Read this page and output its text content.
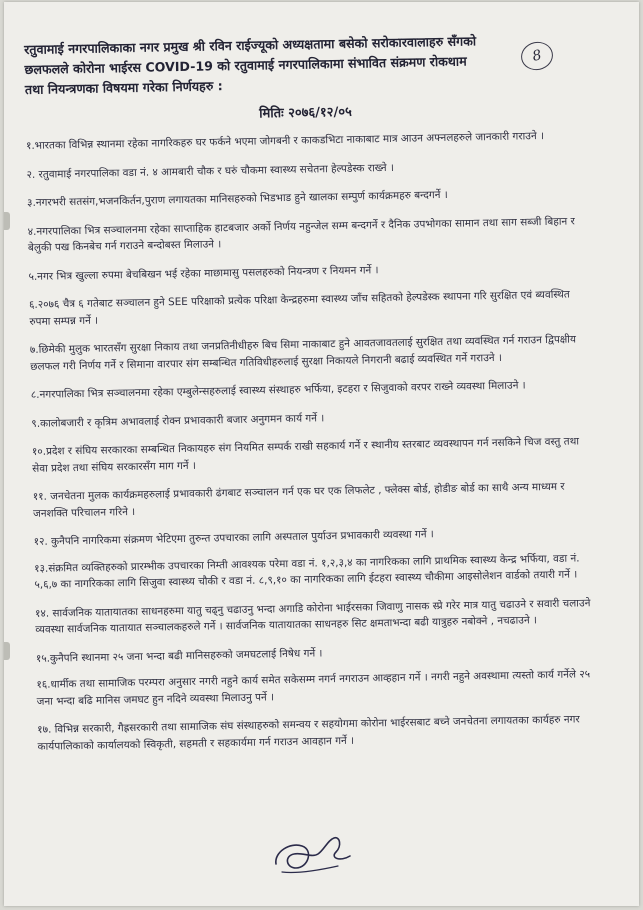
8
रतुवामाई नगरपालिकाका नगर प्रमुख श्री रविन राईज्यूको अध्यक्षतामा बसेको सरोकारवालाहरु सँगको
छलफलले कोरोना भाईरस COVID-19 को रतुवामाई नगरपालिकामा संभावित संक्रमण रोकथाम
तथा नियन्त्रणका विषयमा गरेका निर्णयहरु :
मितिः २०७६/१२/०५
१.भारतका विभिन्न स्थानमा रहेका नागरिकहरु घर फर्कने भएमा जोगबनी र काकडभिटा नाकाबाट मात्र आउन अफ्नलहरुले जानकारी गराउने ।
२. रतुवामाई नगरपालिका वडा नं. ४ आमबारी चौक र घरुं चौकमा स्वास्थ्य सचेतना हेल्पडेस्क राख्ने ।
३.नगरभरी सतसंग,भजनकिर्तन,पुराण लगायतका मानिसहरुको भिडभाड हुने खालका सम्पुर्ण कार्यक्रमहरु बन्दगर्ने ।
४.नगरपालिका भित्र सञ्चालनमा रहेका साप्ताहिक हाटबजार अर्को निर्णय नहुन्जेल सम्म बन्दगर्ने र दैनिक उपभोगका सामान तथा साग सब्जी बिहान र बेलुकी पख किनबेच गर्न गराउने बन्दोबस्त मिलाउने ।
५.नगर भित्र खुल्ला रुपमा बेचबिखन भई रहेका माछामासु पसलहरुको नियन्त्रण र नियमन गर्ने ।
६.२०७६ चैत्र ६ गतेबाट सञ्चालन हुने SEE परिक्षाको प्रत्येक परिक्षा केन्द्रहरुमा स्वास्थ्य जाँच सहितको हेल्पडेस्क स्थापना गरि सुरक्षित एवं ब्यवस्थित रुपमा सम्पन्न गर्ने ।
७.छिमेकी मुलुक भारतसँग सुरक्षा निकाय तथा जनप्रतिनीधीहरु बिच सिमा नाकाबाट हुने आवतजावतलाई सुरक्षित तथा व्यवस्थित गर्न गराउन द्विपक्षीय छलफल गरी निर्णय गर्ने र सिमाना वारपार संग सम्बन्धित गतिविधीहरुलाई सुरक्षा निकायले निगरानी बढाई व्यवस्थित गर्ने गराउने ।
८.नगरपालिका भित्र सञ्चालनमा रहेका एम्बुलेन्सहरुलाई स्वास्थ्य संस्थाहरु भर्फिया, इटहरा र सिजुवाको वरपर राख्ने व्यवस्था मिलाउने ।
९.कालोबजारी र कृत्रिम अभावलाई रोक्न प्रभावकारी बजार अनुगमन कार्य गर्ने ।
१०.प्रदेश र संघिय सरकारका सम्बन्धित निकायहरु संग नियमित सम्पर्क राखी सहकार्य गर्ने र स्थानीय स्तरबाट व्यवस्थापन गर्न नसकिने चिज वस्तु तथा सेवा प्रदेश तथा संघिय सरकारसँग माग गर्ने ।
११. जनचेतना मुलक कार्यक्रमहरुलाई प्रभावकारी ढंगबाट सञ्चालन गर्न एक घर एक लिफलेट , फ्लेक्स बोर्ड, होडीङ बोर्ड का साथै अन्य माध्यम र जनशक्ति परिचालन गरिने ।
१२. कुनैपनि नागरिकमा संक्रमण भेटिएमा तुरुन्त उपचारका लागि अस्पताल पुर्याउन प्रभावकारी व्यवस्था गर्ने ।
१३.संक्रमित व्यक्तिहरुको प्रारम्भीक उपचारका निम्ती आवश्यक परेमा वडा नं. १,२,३,४ का नागरिकका लागि प्राथमिक स्वास्थ्य केन्द्र भर्फिया, वडा नं. ५,६,७ का नागरिकका लागि सिजुवा स्वास्थ्य चौकी र वडा नं. ८,९,१० का नागरिकका लागि ईटहरा स्वास्थ्य चौकीमा आइसोलेशन वार्डको तयारी गर्ने ।
१४. सार्वजनिक यातायातका साधनहरुमा यातु चढ्नु चढाउनु भन्दा अगाडि कोरोना भाईरसका जिवाणु नासक स्प्रे गरेर मात्र यातु चढाउने र सवारी चलाउने व्यवस्था सार्वजनिक यातायात सञ्चालकहरुले गर्ने । सार्वजनिक यातायातका साधनहरु सिट क्षमताभन्दा बढी यात्रुहरु नबोक्ने , नचढाउने ।
१५.कुनैपनि स्थानमा २५ जना भन्दा बढी मानिसहरुको जमघटलाई निषेध गर्ने ।
१६.धार्मीक तथा सामाजिक परम्परा अनुसार नगरी नहुने कार्य समेत सकेसम्म नगर्न नगराउन आव्हहान गर्ने । नगरी नहुने अवस्थामा त्यस्तो कार्य गर्नेले २५ जना भन्दा बढि मानिस जमघट हुन नदिने व्यवस्था मिलाउनु पर्ने ।
१७. विभिन्न सरकारी, गैह्रसरकारी तथा सामाजिक संघ संस्थाहरुको समन्वय र सहयोगमा कोरोना भाईरसबाट बच्ने जनचेतना लगायतका कार्यहरु नगर कार्यपालिकाको कार्यालयको स्विकृती, सहमती र सहकार्यमा गर्न गराउन आवहान गर्ने ।
